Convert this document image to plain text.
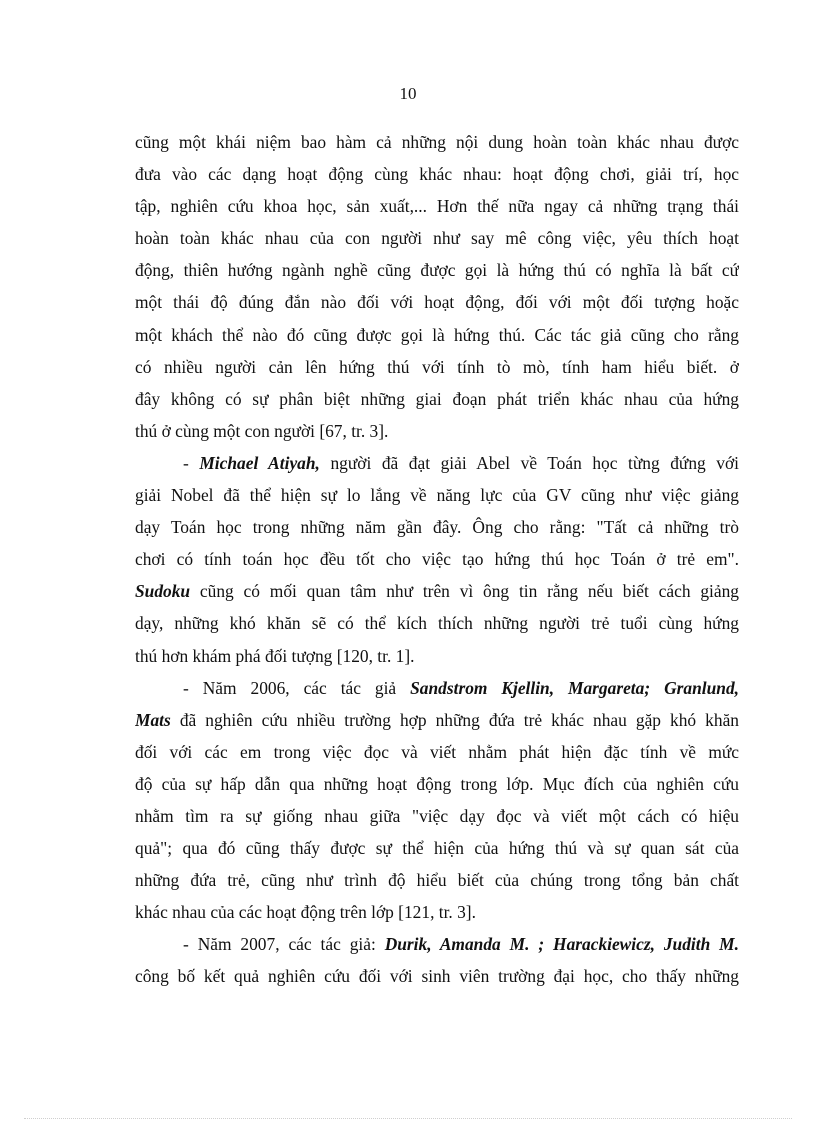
10
cũng một khái niệm bao hàm cả những nội dung hoàn toàn khác nhau được
đưa vào các dạng hoạt động cùng khác nhau: hoạt động chơi, giải trí, học
tập, nghiên cứu khoa học, sản xuất,... Hơn thế nữa ngay cả những trạng thái
hoàn toàn khác nhau của con người như say mê công việc, yêu thích hoạt
động, thiên hướng ngành nghề cũng được gọi là hứng thú có nghĩa là bất cứ
một thái độ đúng đắn nào đối với hoạt động, đối với một đối tượng hoặc
một khách thể nào đó cũng được gọi là hứng thú. Các tác giả cũng cho rằng
có nhiều người cản lên hứng thú với tính tò mò, tính ham hiểu biết. ở
đây không có sự phân biệt những giai đoạn phát triển khác nhau của hứng
thú ở cùng một con người [67, tr. 3].
- Michael Atiyah, người đã đạt giải Abel về Toán học từng đứng với
giải Nobel đã thể hiện sự lo lắng về năng lực của GV cũng như việc giảng
dạy Toán học trong những năm gần đây. Ông cho rằng: "Tất cả những trò
chơi có tính toán học đều tốt cho việc tạo hứng thú học Toán ở trẻ em".
Sudoku cũng có mối quan tâm như trên vì ông tin rằng nếu biết cách giảng
dạy, những khó khăn sẽ có thể kích thích những người trẻ tuổi cùng hứng
thú hơn khám phá đối tượng [120, tr. 1].
- Năm 2006, các tác giả Sandstrom Kjellin, Margareta; Granlund,
Mats đã nghiên cứu nhiều trường hợp những đứa trẻ khác nhau gặp khó khăn
đối với các em trong việc đọc và viết nhằm phát hiện đặc tính về mức
độ của sự hấp dẫn qua những hoạt động trong lớp. Mục đích của nghiên cứu
nhằm tìm ra sự giống nhau giữa "việc dạy đọc và viết một cách có hiệu
quả"; qua đó cũng thấy được sự thể hiện của hứng thú và sự quan sát của
những đứa trẻ, cũng như trình độ hiểu biết của chúng trong tổng bản chất
khác nhau của các hoạt động trên lớp [121, tr. 3].
- Năm 2007, các tác giả: Durik, Amanda M. ; Harackiewicz, Judith M.
công bố kết quả nghiên cứu đối với sinh viên trường đại học, cho thấy những
